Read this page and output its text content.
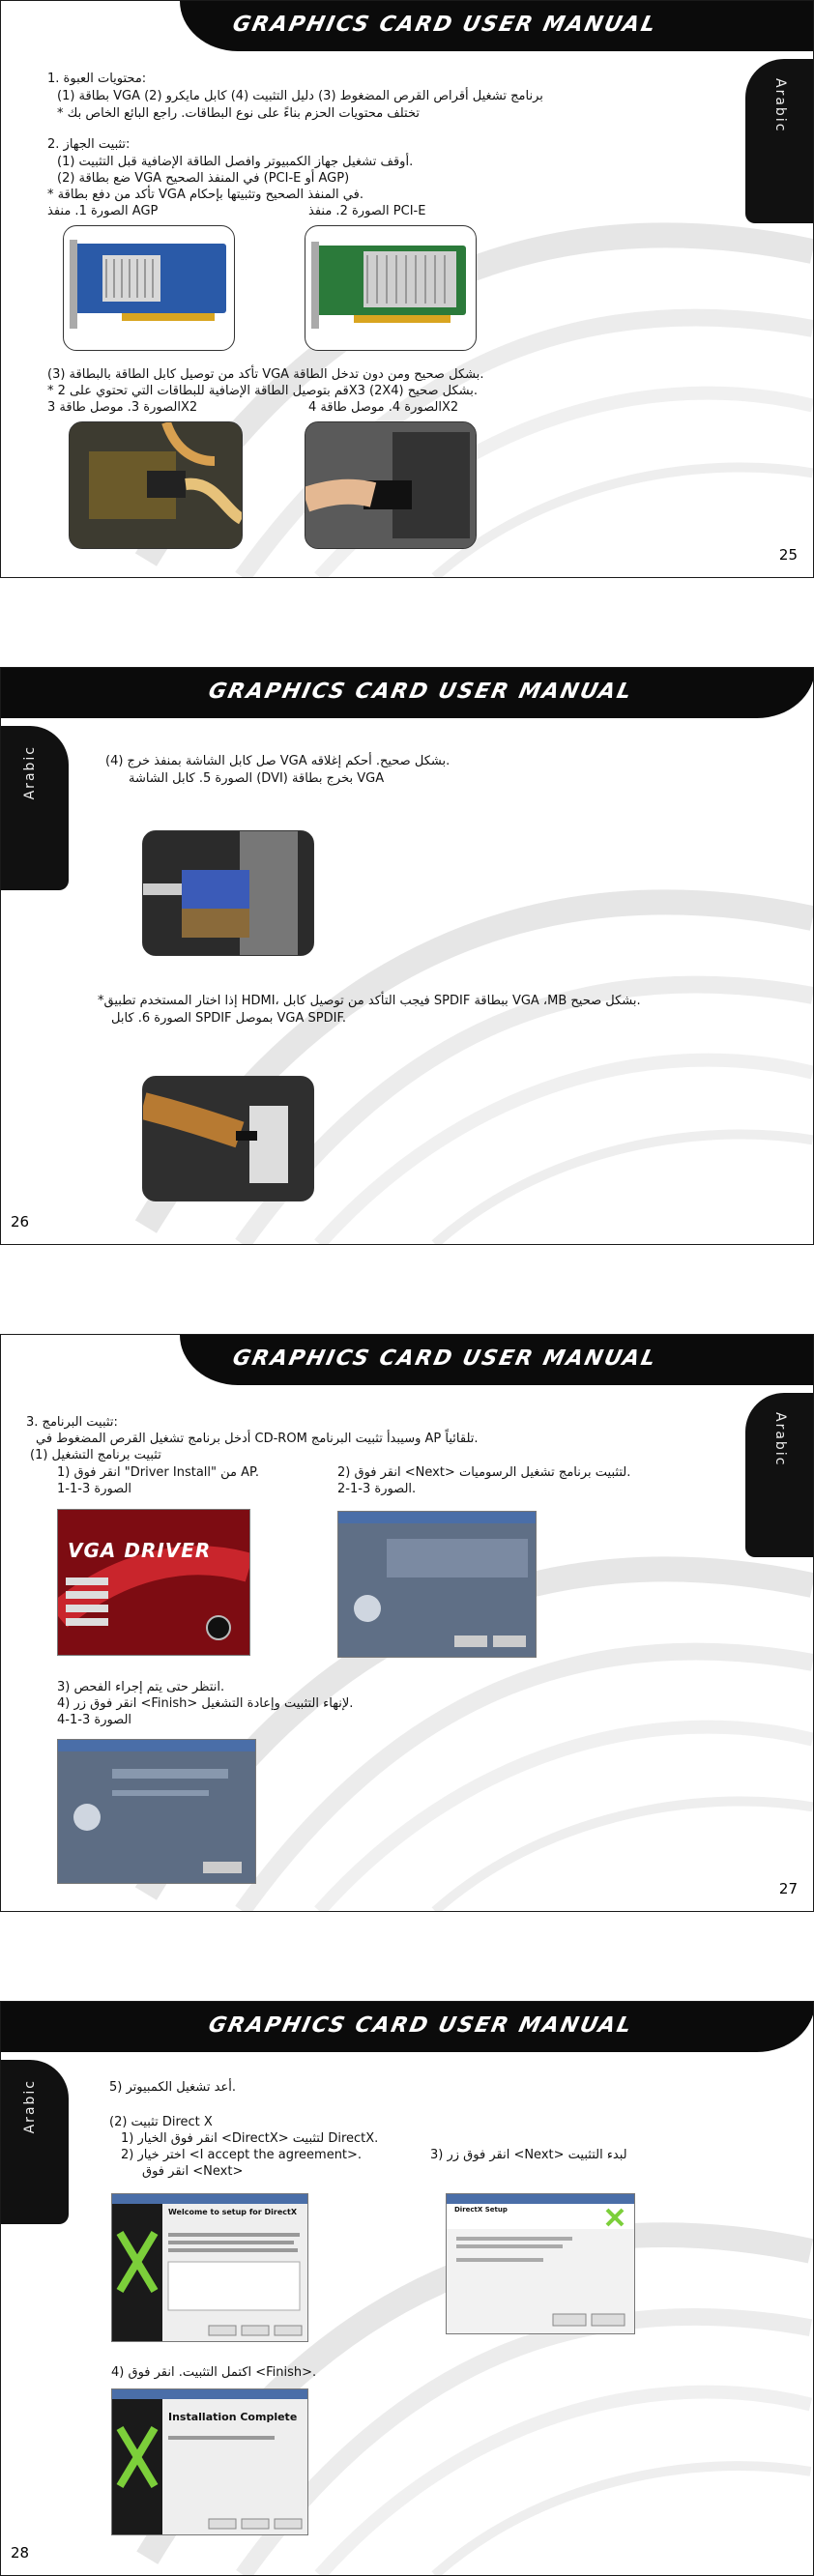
GRAPHICS CARD USER MANUAL
Arabic
1. محتويات العبوة:
(1) بطاقة VGA (2) برنامج تشغيل أقراص القرص المضغوط (3) دليل التثبيت (4) كابل مايكرو
* تختلف محتويات الحزم بناءً على نوع البطاقات. راجع البائع الخاص بك
2. تثبيت الجهاز:
(1) أوقف تشغيل جهاز الكمبيوتر وافصل الطاقة الإضافية قبل التثبيت.
(2) ضع بطاقة VGA في المنفذ الصحيح (PCI-E أو AGP)
* تأكد من دفع بطاقة VGA في المنفذ الصحيح وتثبيتها بإحكام.
الصورة 1. منفذ AGP	الصورة 2. منفذ PCI-E
(3) تأكد من توصيل كابل الطاقة بالبطاقة VGA بشكل صحيح ومن دون تدخل الطاقة.
* قم بتوصيل الطاقة الإضافية للبطاقات التي تحتوي على 2X3 (2X4) بشكل صحيح.
الصورة 3. موصل طاقة 3X2	الصورة 4. موصل طاقة 4X2
25
GRAPHICS CARD USER MANUAL
Arabic	(4) صل كابل الشاشة بمنفذ خرج VGA بشكل صحيح. أحكم إغلاقه.
الصورة 5. كابل الشاشة (DVI) بخرج بطاقة VGA
*إذا اختار المستخدم تطبيق HDMI، فيجب التأكد من توصيل كابل SPDIF ببطاقة VGA ،MB بشكل صحيح.
الصورة 6. كابل SPDIF بموصل VGA SPDIF.
26
GRAPHICS CARD USER MANUAL
Arabic
3. تثبيت البرنامج:
أدخل برنامج تشغيل القرص المضغوط في CD-ROM وسيبدأ تثبيت البرنامج AP تلقائياً.
(1) تثبيت برنامج التشغيل
1) انقر فوق "Driver Install" من AP.
الصورة 3-1-1
2) انقر فوق <Next> لتثبيت برنامج تشغيل الرسوميات.
الصورة 3-1-2.
VGA DRIVER
3) انتظر حتى يتم إجراء الفحص.
4) انقر فوق زر <Finish> لإنهاء التثبيت وإعادة التشغيل.
الصورة 3-1-4
27
GRAPHICS CARD USER MANUAL
Arabic	5) أعد تشغيل الكمبيوتر.
(2) تثبيت Direct X
1) انقر فوق الخيار <DirectX> لتثبيت DirectX.
2) اختر خيار <I accept the agreement>.
انقر فوق <Next>
3) انقر فوق زر <Next> لبدء التثبيت
Welcome to setup for DirectX	DirectX Setup
4) اكتمل التثبيت. انقر فوق <Finish>.
Installation Complete
28
